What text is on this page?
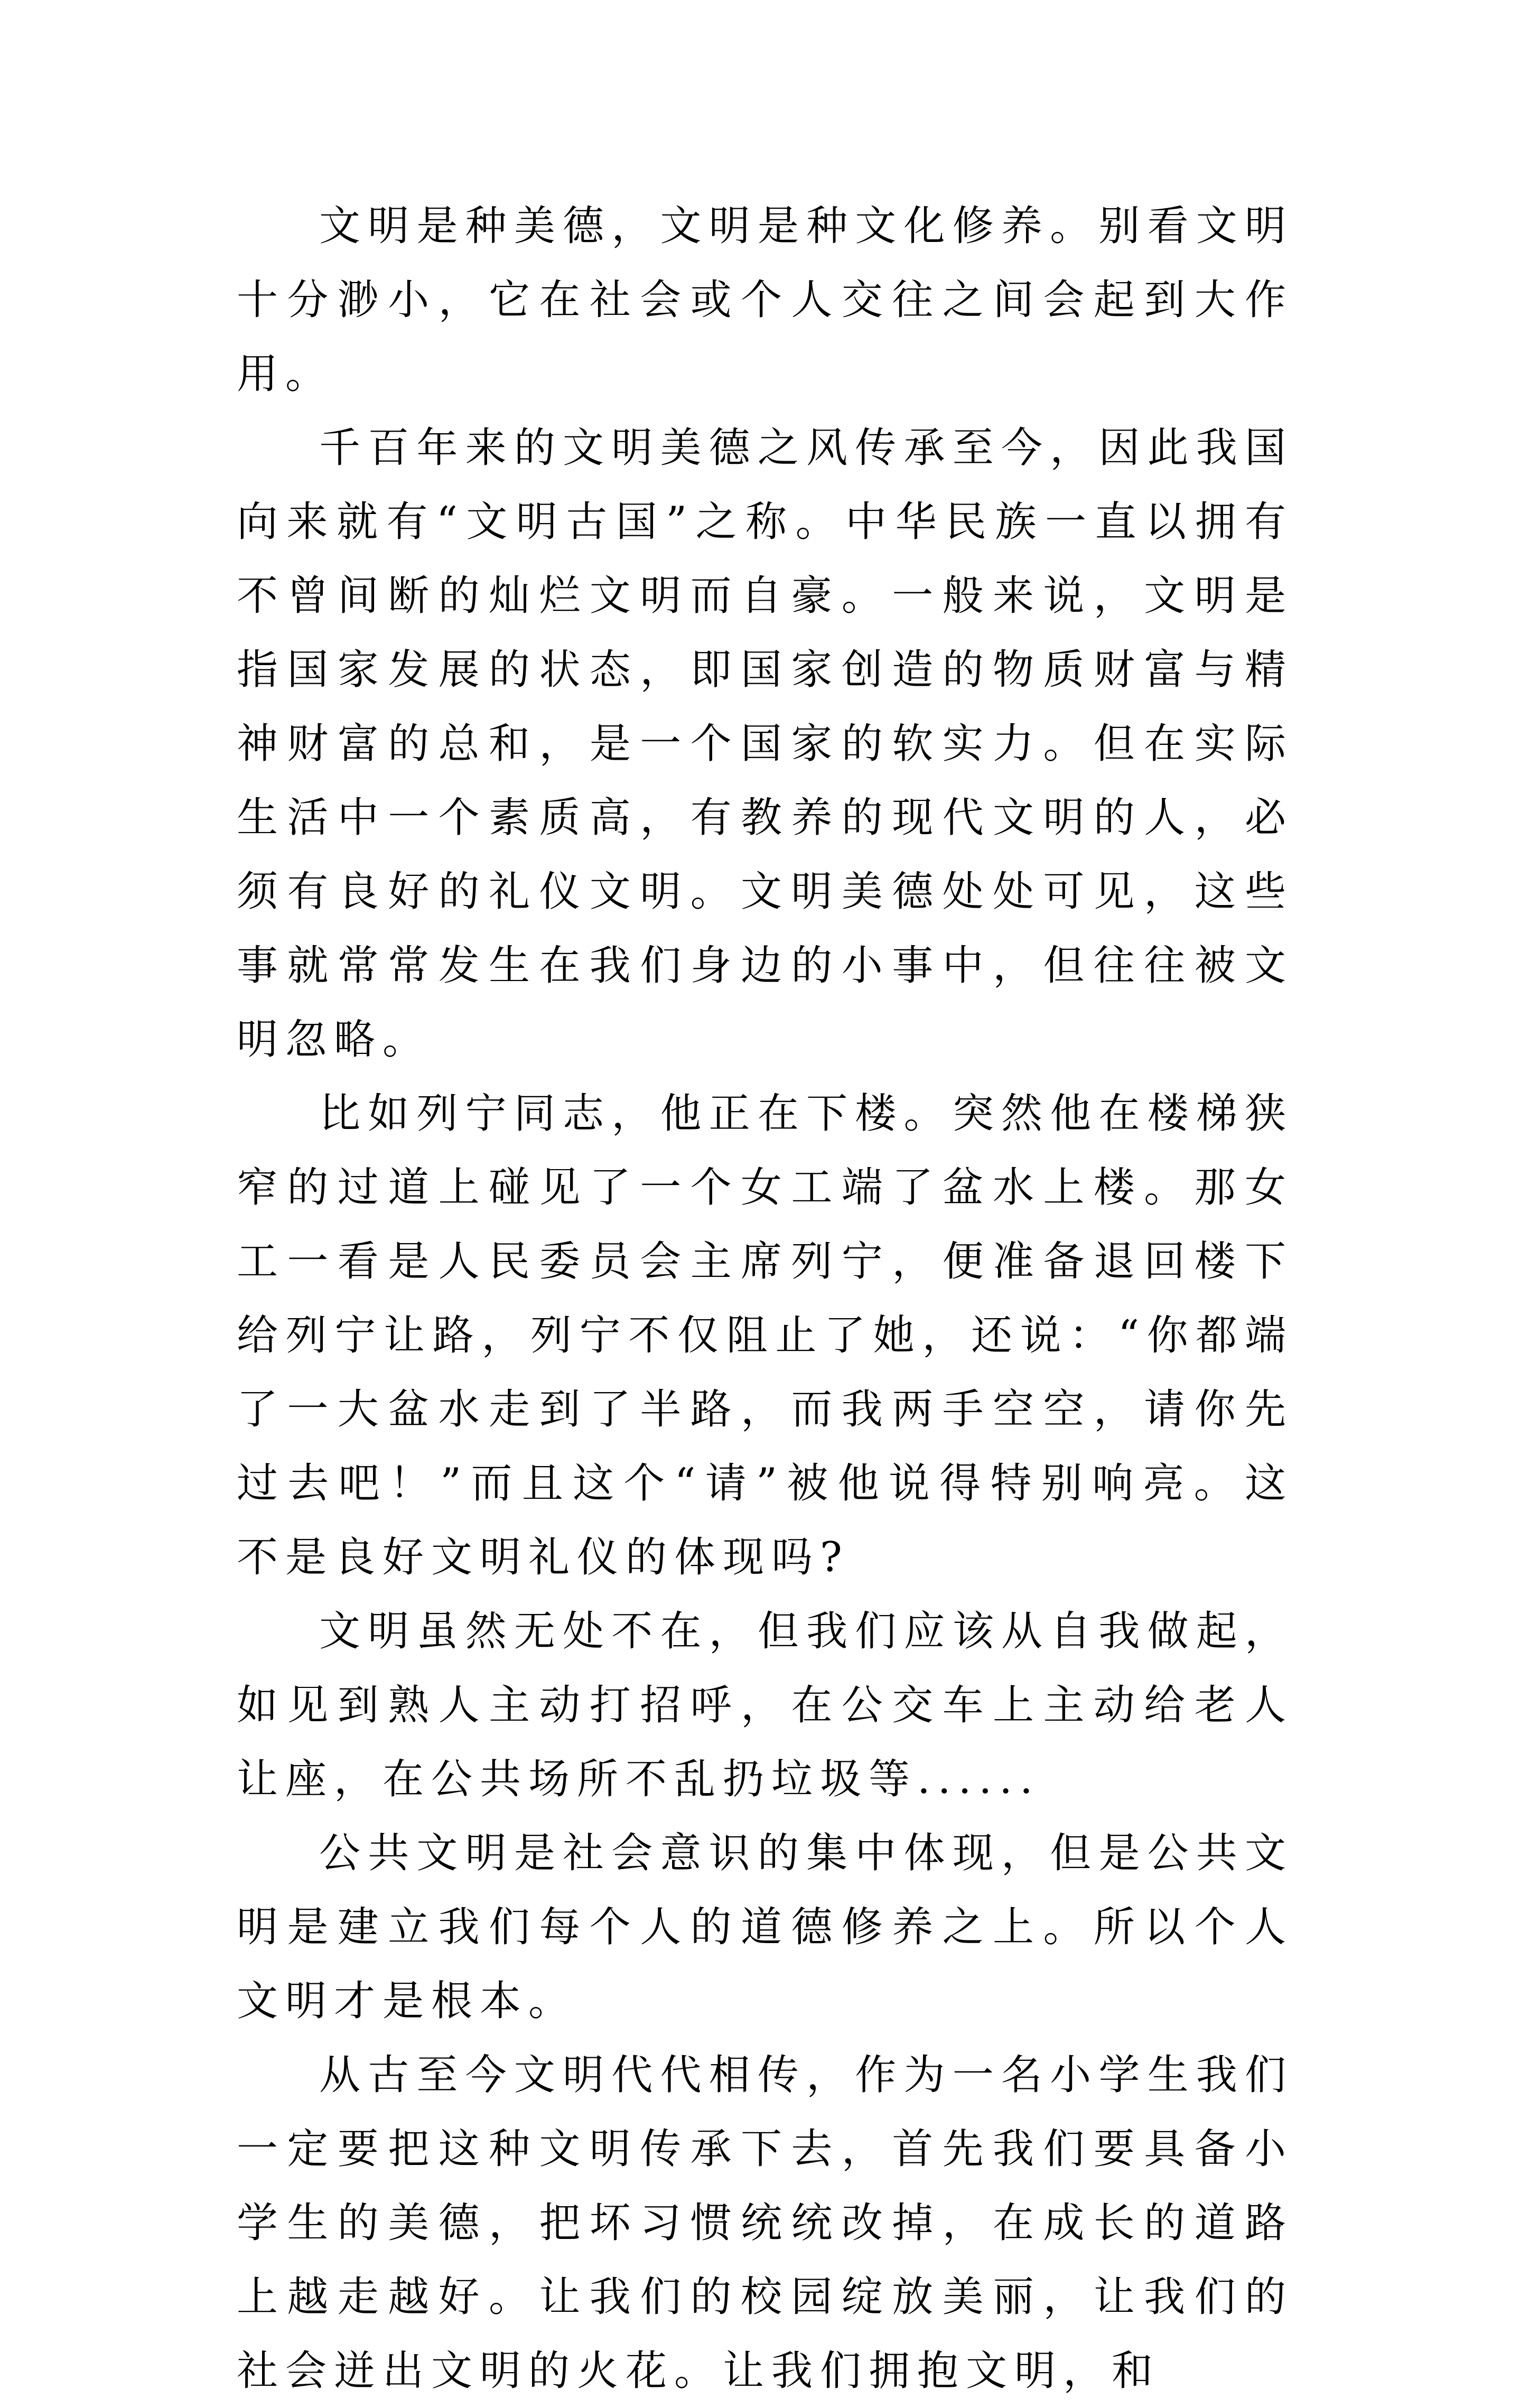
文明是种美德，文明是种文化修养。别看文明十分渺小，它在社会或个人交往之间会起到大作用。

千百年来的文明美德之风传承至今，因此我国向来就有“文明古国”之称。中华民族一直以拥有不曾间断的灿烂文明而自豪。一般来说，文明是指国家发展的状态，即国家创造的物质财富与精神财富的总和，是一个国家的软实力。但在实际生活中一个素质高，有教养的现代文明的人，必须有良好的礼仪文明。文明美德处处可见，这些事就常常发生在我们身边的小事中，但往往被文明忽略。

比如列宁同志，他正在下楼。突然他在楼梯狭窄的过道上碰见了一个女工端了盆水上楼。那女工一看是人民委员会主席列宁，便准备退回楼下给列宁让路，列宁不仅阻止了她，还说：“你都端了一大盆水走到了半路，而我两手空空，请你先过去吧！”而且这个“请”被他说得特别响亮。这不是良好文明礼仪的体现吗?

文明虽然无处不在，但我们应该从自我做起，如见到熟人主动打招呼，在公交车上主动给老人让座，在公共场所不乱扔垃圾等......

公共文明是社会意识的集中体现，但是公共文明是建立我们每个人的道德修养之上。所以个人文明才是根本。

从古至今文明代代相传，作为一名小学生我们一定要把这种文明传承下去，首先我们要具备小学生的美德，把坏习惯统统改掉，在成长的道路上越走越好。让我们的校园绽放美丽，让我们的社会迸出文明的火花。让我们拥抱文明，和
